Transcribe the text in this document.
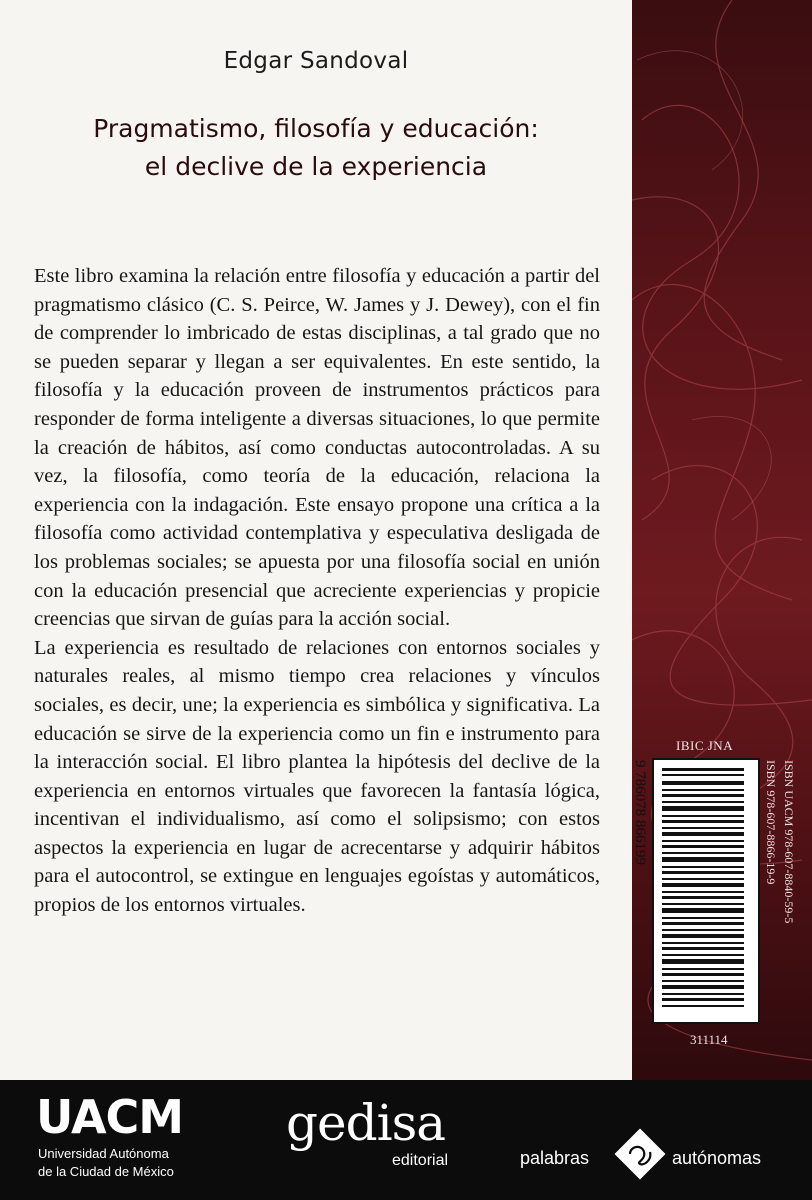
Edgar Sandoval
Pragmatismo, filosofía y educación:
el declive de la experiencia

Este libro examina la relación entre filosofía y educación a partir del pragmatismo clásico (C. S. Peirce, W. James y J. Dewey), con el fin de comprender lo imbricado de estas disciplinas, a tal grado que no se pueden separar y llegan a ser equivalentes. En este sentido, la filosofía y la educación proveen de instrumentos prácticos para responder de forma inteligente a diversas situaciones, lo que permite la creación de hábitos, así como conductas autocontroladas. A su vez, la filosofía, como teoría de la educación, relaciona la experiencia con la indagación. Este ensayo propone una crítica a la filosofía como actividad contemplativa y especulativa desligada de los problemas sociales; se apuesta por una filosofía social en unión con la educación presencial que acreciente experiencias y propicie creencias que sirvan de guías para la acción social.

La experiencia es resultado de relaciones con entornos sociales y naturales reales, al mismo tiempo crea relaciones y vínculos sociales, es decir, une; la experiencia es simbólica y significativa. La educación se sirve de la experiencia como un fin e instrumento para la interacción social. El libro plantea la hipótesis del declive de la experiencia en entornos virtuales que favorecen la fantasía lógica, incentivan el individualismo, así como el solipsismo; con estos aspectos la experiencia en lugar de acrecentarse y adquirir hábitos para el autocontrol, se extingue en lenguajes egoístas y automáticos, propios de los entornos virtuales.

IBIC JNA
ISBN 978-607-8866-19-9 ISBN UACM 978-607-8840-59-5
9 786078 866199
311114
UACM
Universidad Autónoma
de la Ciudad de México
gedisa
editorial	palabras	autónomas
